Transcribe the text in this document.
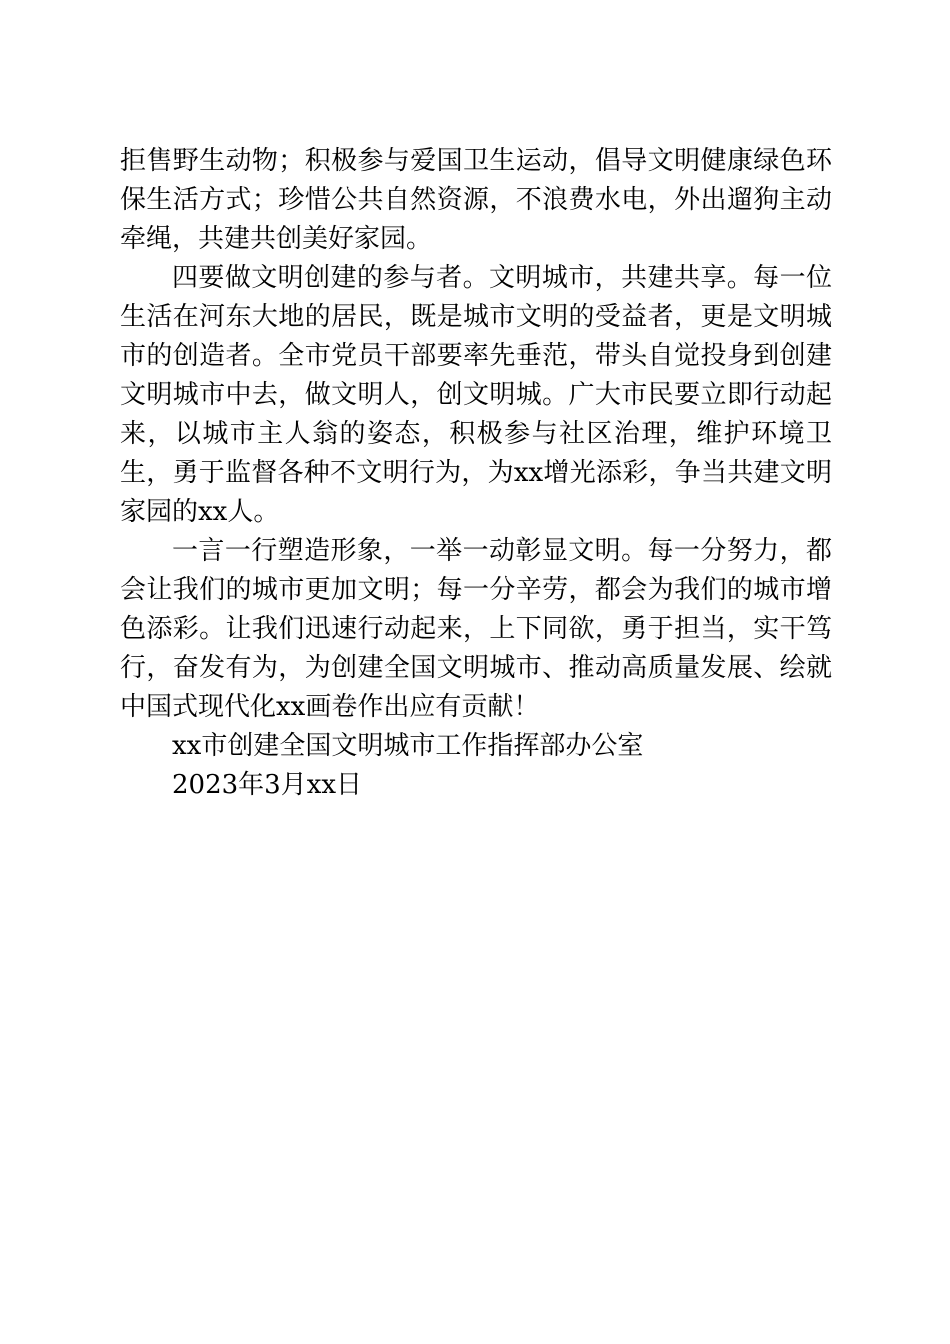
拒售野生动物；积极参与爱国卫生运动，倡导文明健康绿色环保生活方式；珍惜公共自然资源，不浪费水电，外出遛狗主动牵绳，共建共创美好家园。

四要做文明创建的参与者。文明城市，共建共享。每一位生活在河东大地的居民，既是城市文明的受益者，更是文明城市的创造者。全市党员干部要率先垂范，带头自觉投身到创建文明城市中去，做文明人，创文明城。广大市民要立即行动起来，以城市主人翁的姿态，积极参与社区治理，维护环境卫生，勇于监督各种不文明行为，为xx增光添彩，争当共建文明家园的xx人。

一言一行塑造形象，一举一动彰显文明。每一分努力，都会让我们的城市更加文明；每一分辛劳，都会为我们的城市增色添彩。让我们迅速行动起来，上下同欲，勇于担当，实干笃行，奋发有为，为创建全国文明城市、推动高质量发展、绘就中国式现代化xx画卷作出应有贡献！

xx市创建全国文明城市工作指挥部办公室

2023年3月xx日
